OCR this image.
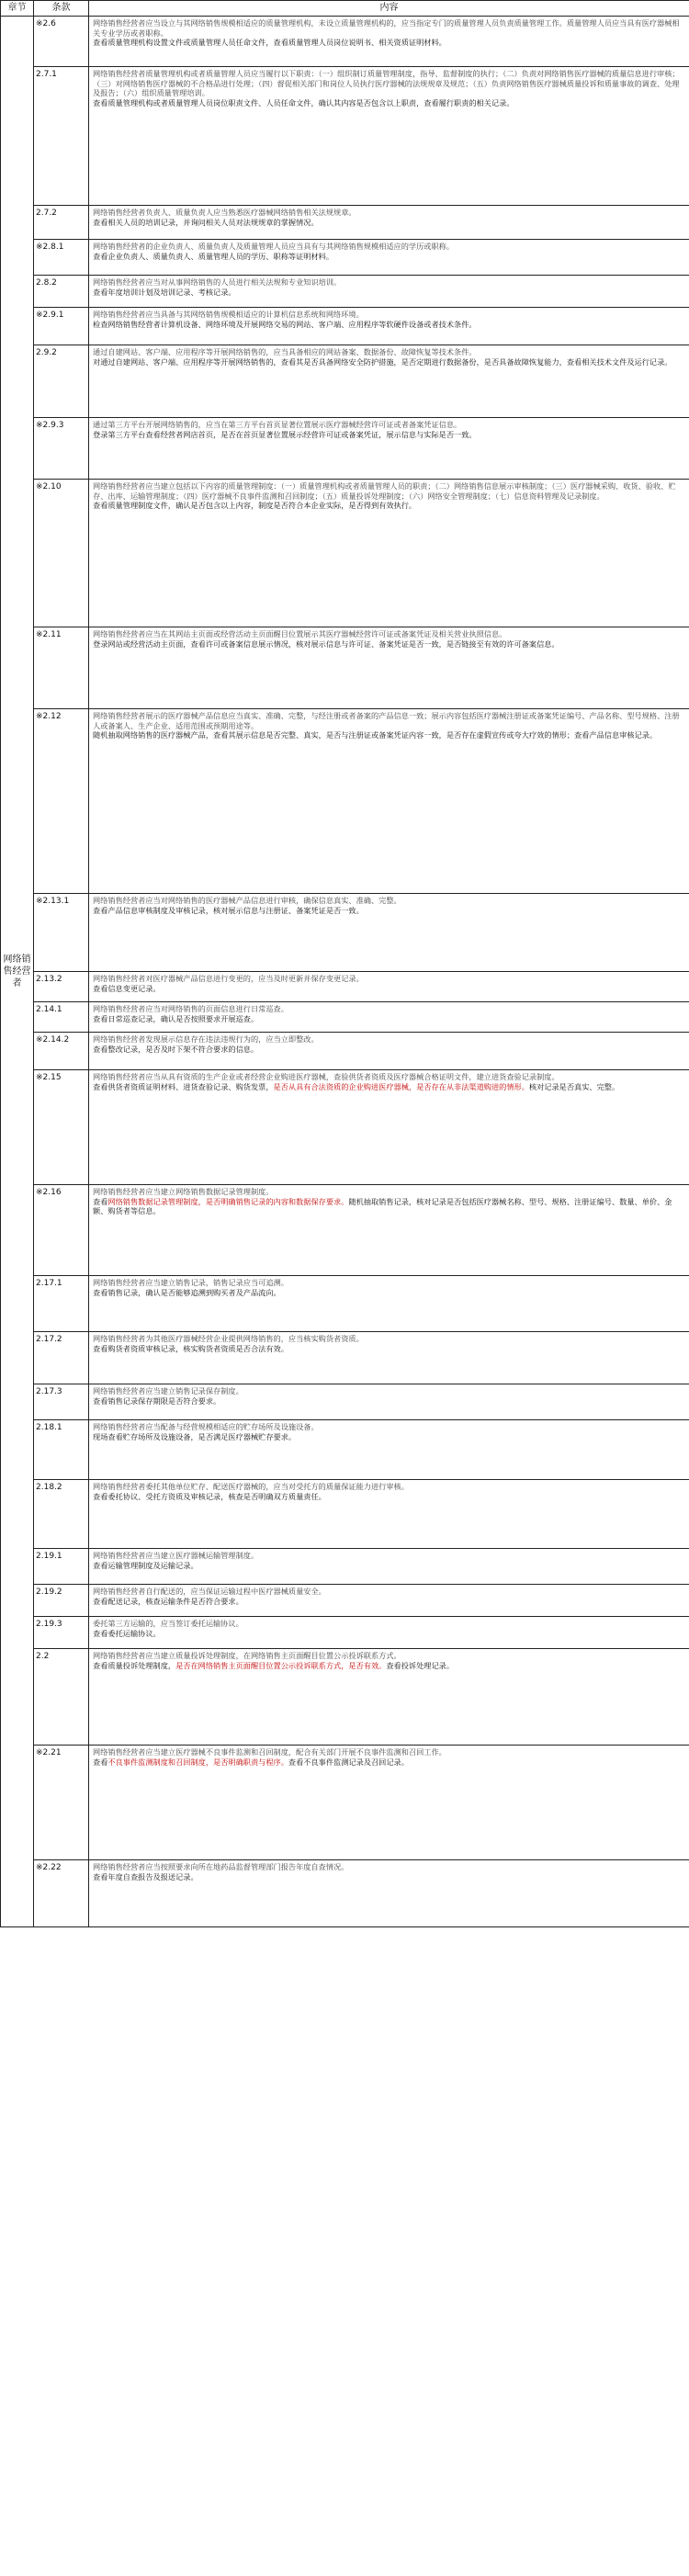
章节	条款	内容
网络销售经营者	※2.6	网络销售经营者应当设立与其网络销售规模相适应的质量管理机构，未设立质量管理机构的，应当指定专门的质量管理人员负责质量管理工作。质量管理人员应当具有医疗器械相关专业学历或者职称。

查看质量管理机构设置文件或质量管理人员任命文件，查看质量管理人员岗位说明书、相关资质证明材料。

	2.7.1	网络销售经营者质量管理机构或者质量管理人员应当履行以下职责：（一）组织制订质量管理制度，指导、监督制度的执行；（二）负责对网络销售医疗器械的质量信息进行审核；（三）对网络销售医疗器械的不合格品进行处理；（四）督促相关部门和岗位人员执行医疗器械的法规规章及规范；（五）负责网络销售医疗器械质量投诉和质量事故的调查、处理及报告；（六）组织质量管理培训。

查看质量管理机构或者质量管理人员岗位职责文件、人员任命文件，确认其内容是否包含以上职责，查看履行职责的相关记录。

	2.7.2	网络销售经营者负责人、质量负责人应当熟悉医疗器械网络销售相关法规规章。

查看相关人员的培训记录，并询问相关人员对法规规章的掌握情况。

	※2.8.1	网络销售经营者的企业负责人、质量负责人及质量管理人员应当具有与其网络销售规模相适应的学历或职称。

查看企业负责人、质量负责人、质量管理人员的学历、职称等证明材料。

	2.8.2	网络销售经营者应当对从事网络销售的人员进行相关法规和专业知识培训。

查看年度培训计划及培训记录、考核记录。

	※2.9.1	网络销售经营者应当具备与其网络销售规模相适应的计算机信息系统和网络环境。

检查网络销售经营者计算机设备、网络环境及开展网络交易的网站、客户端、应用程序等软硬件设备或者技术条件。

	2.9.2	通过自建网站、客户端、应用程序等开展网络销售的，应当具备相应的网站备案、数据备份、故障恢复等技术条件。

对通过自建网站、客户端、应用程序等开展网络销售的，查看其是否具备网络安全防护措施，是否定期进行数据备份，是否具备故障恢复能力，查看相关技术文件及运行记录。

	※2.9.3	通过第三方平台开展网络销售的，应当在第三方平台首页显著位置展示医疗器械经营许可证或者备案凭证信息。

登录第三方平台查看经营者网店首页，是否在首页显著位置展示经营许可证或备案凭证，展示信息与实际是否一致。

	※2.10	网络销售经营者应当建立包括以下内容的质量管理制度：（一）质量管理机构或者质量管理人员的职责；（二）网络销售信息展示审核制度；（三）医疗器械采购、收货、验收、贮存、出库、运输管理制度；（四）医疗器械不良事件监测和召回制度；（五）质量投诉处理制度；（六）网络安全管理制度；（七）信息资料管理及记录制度。

查看质量管理制度文件，确认是否包含以上内容，制度是否符合本企业实际，是否得到有效执行。

	※2.11	网络销售经营者应当在其网站主页面或经营活动主页面醒目位置展示其医疗器械经营许可证或备案凭证及相关营业执照信息。

登录网站或经营活动主页面，查看许可或备案信息展示情况，核对展示信息与许可证、备案凭证是否一致，是否链接至有效的许可备案信息。

	※2.12	网络销售经营者展示的医疗器械产品信息应当真实、准确、完整，与经注册或者备案的产品信息一致；展示内容包括医疗器械注册证或备案凭证编号、产品名称、型号规格、注册人或备案人、生产企业、适用范围或预期用途等。

随机抽取网络销售的医疗器械产品，查看其展示信息是否完整、真实，是否与注册证或备案凭证内容一致，是否存在虚假宣传或夸大疗效的情形；查看产品信息审核记录。

	※2.13.1	网络销售经营者应当对网络销售的医疗器械产品信息进行审核，确保信息真实、准确、完整。

查看产品信息审核制度及审核记录，核对展示信息与注册证、备案凭证是否一致。

	2.13.2	网络销售经营者对医疗器械产品信息进行变更的，应当及时更新并保存变更记录。

查看信息变更记录。

	2.14.1	网络销售经营者应当对网络销售的页面信息进行日常巡查。

查看日常巡查记录，确认是否按照要求开展巡查。

	※2.14.2	网络销售经营者发现展示信息存在违法违规行为的，应当立即整改。

查看整改记录，是否及时下架不符合要求的信息。

	※2.15	网络销售经营者应当从具有资质的生产企业或者经营企业购进医疗器械，查验供货者资质及医疗器械合格证明文件，建立进货查验记录制度。

查看供货者资质证明材料、进货查验记录、购货发票，是否从具有合法资质的企业购进医疗器械，是否存在从非法渠道购进的情形。核对记录是否真实、完整。

	※2.16	网络销售经营者应当建立网络销售数据记录管理制度。

查看网络销售数据记录管理制度，是否明确销售记录的内容和数据保存要求。随机抽取销售记录，核对记录是否包括医疗器械名称、型号、规格、注册证编号、数量、单价、金额、购货者等信息。

	2.17.1	网络销售经营者应当建立销售记录，销售记录应当可追溯。

查看销售记录，确认是否能够追溯到购买者及产品流向。

	2.17.2	网络销售经营者为其他医疗器械经营企业提供网络销售的，应当核实购货者资质。

查看购货者资质审核记录，核实购货者资质是否合法有效。

	2.17.3	网络销售经营者应当建立销售记录保存制度。

查看销售记录保存期限是否符合要求。

	2.18.1	网络销售经营者应当配备与经营规模相适应的贮存场所及设施设备。

现场查看贮存场所及设施设备，是否满足医疗器械贮存要求。

	2.18.2	网络销售经营者委托其他单位贮存、配送医疗器械的，应当对受托方的质量保证能力进行审核。

查看委托协议、受托方资质及审核记录，核查是否明确双方质量责任。

	2.19.1	网络销售经营者应当建立医疗器械运输管理制度。

查看运输管理制度及运输记录。

	2.19.2	网络销售经营者自行配送的，应当保证运输过程中医疗器械质量安全。

查看配送记录，核查运输条件是否符合要求。

	2.19.3	委托第三方运输的，应当签订委托运输协议。

查看委托运输协议。

	2.2	网络销售经营者应当建立质量投诉处理制度，在网络销售主页面醒目位置公示投诉联系方式。

查看质量投诉处理制度，是否在网络销售主页面醒目位置公示投诉联系方式，是否有效。查看投诉处理记录。

	※2.21	网络销售经营者应当建立医疗器械不良事件监测和召回制度，配合有关部门开展不良事件监测和召回工作。

查看不良事件监测制度和召回制度，是否明确职责与程序。查看不良事件监测记录及召回记录。

	※2.22	网络销售经营者应当按照要求向所在地药品监督管理部门报告年度自查情况。

查看年度自查报告及报送记录。
